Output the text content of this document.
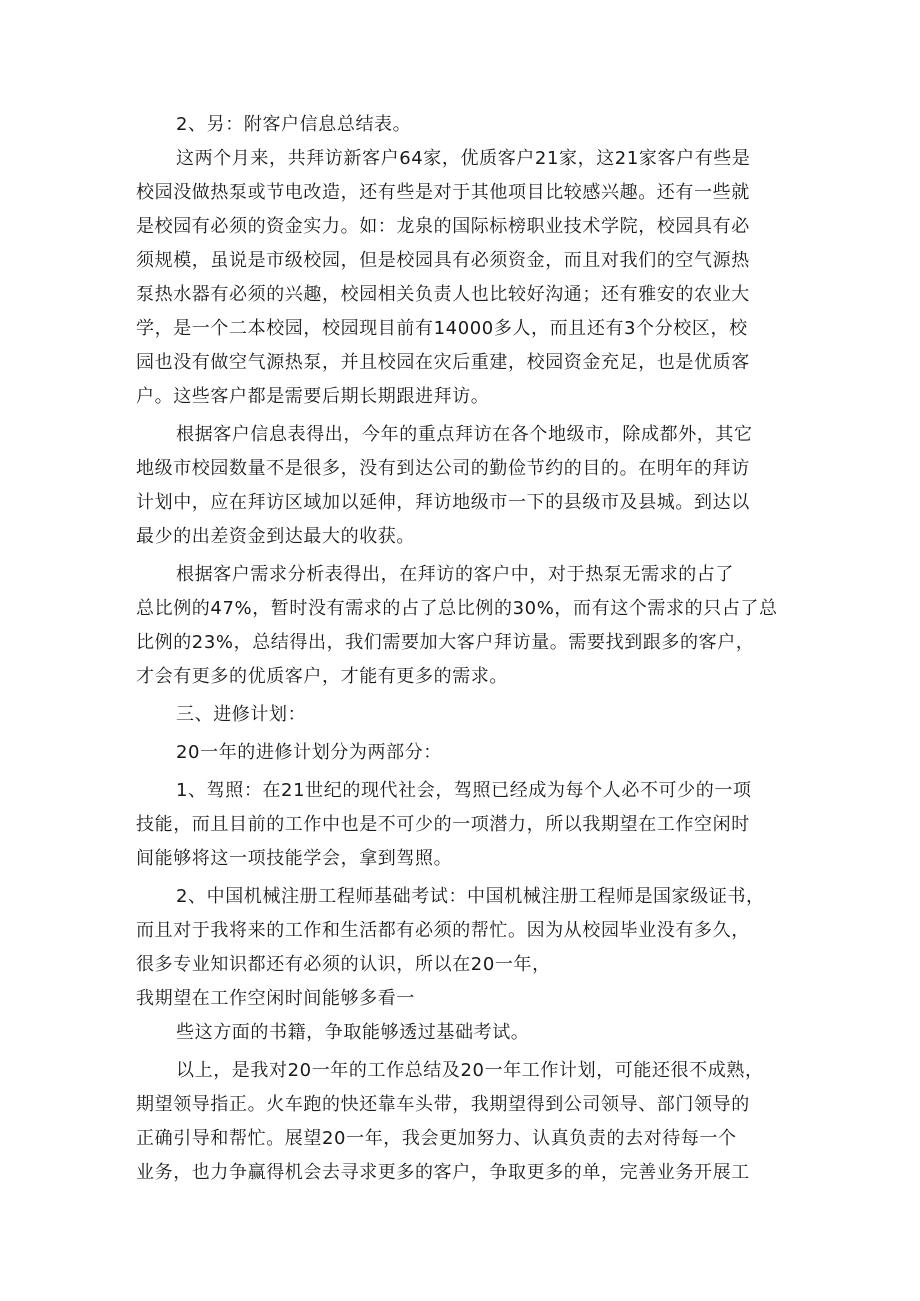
2、另：附客户信息总结表。
这两个月来，共拜访新客户64家，优质客户21家，这21家客户有些是
校园没做热泵或节电改造，还有些是对于其他项目比较感兴趣。还有一些就
是校园有必须的资金实力。如：龙泉的国际标榜职业技术学院，校园具有必
须规模，虽说是市级校园，但是校园具有必须资金，而且对我们的空气源热
泵热水器有必须的兴趣，校园相关负责人也比较好沟通；还有雅安的农业大
学，是一个二本校园，校园现目前有14000多人，而且还有3个分校区，校
园也没有做空气源热泵，并且校园在灾后重建，校园资金充足，也是优质客
户。这些客户都是需要后期长期跟进拜访。
根据客户信息表得出，今年的重点拜访在各个地级市，除成都外，其它
地级市校园数量不是很多，没有到达公司的勤俭节约的目的。在明年的拜访
计划中，应在拜访区域加以延伸，拜访地级市一下的县级市及县城。到达以
最少的出差资金到达最大的收获。
根据客户需求分析表得出，在拜访的客户中，对于热泵无需求的占了
总比例的47%，暂时没有需求的占了总比例的30%，而有这个需求的只占了总
比例的23%，总结得出，我们需要加大客户拜访量。需要找到跟多的客户，
才会有更多的优质客户，才能有更多的需求。
三、进修计划：
20一年的进修计划分为两部分：
1、驾照：在21世纪的现代社会，驾照已经成为每个人必不可少的一项
技能，而且目前的工作中也是不可少的一项潜力，所以我期望在工作空闲时
间能够将这一项技能学会，拿到驾照。
2、中国机械注册工程师基础考试：中国机械注册工程师是国家级证书，
而且对于我将来的工作和生活都有必须的帮忙。因为从校园毕业没有多久，
很多专业知识都还有必须的认识，所以在20一年，
我期望在工作空闲时间能够多看一
些这方面的书籍，争取能够透过基础考试。
以上，是我对20一年的工作总结及20一年工作计划，可能还很不成熟，
期望领导指正。火车跑的快还靠车头带，我期望得到公司领导、部门领导的
正确引导和帮忙。展望20一年，我会更加努力、认真负责的去对待每一个
业务，也力争赢得机会去寻求更多的客户，争取更多的单，完善业务开展工
